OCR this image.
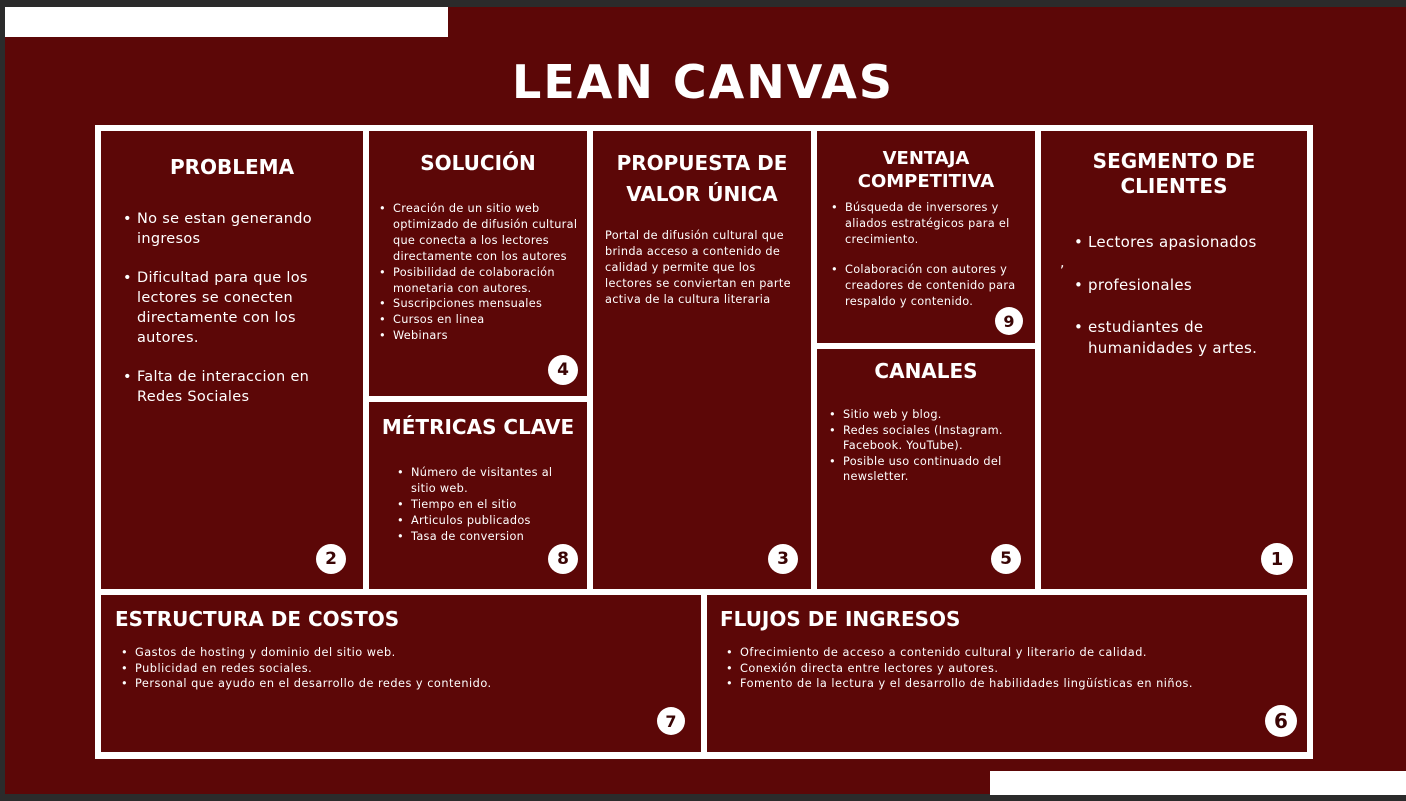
LEAN CANVAS
PROBLEMA
• No se estan generando ingresos
• Dificultad para que los lectores se conecten directamente con los autores.
• Falta de interaccion en Redes Sociales
2
SOLUCIÓN
• Creación de un sitio web optimizado de difusión cultural que conecta a los lectores directamente con los autores
• Posibilidad de colaboración monetaria con autores.
• Suscripciones mensuales
• Cursos en linea
• Webinars
4
MÉTRICAS CLAVE
• Número de visitantes al sitio web.
• Tiempo en el sitio
• Articulos publicados
• Tasa de conversion
8
PROPUESTA DE VALOR ÚNICA

Portal de difusión cultural que brinda acceso a contenido de calidad y permite que los lectores se conviertan en parte activa de la cultura literaria

3
VENTAJA COMPETITIVA
• Búsqueda de inversores y aliados estratégicos para el crecimiento.
• Colaboración con autores y creadores de contenido para respaldo y contenido.
9
CANALES
• Sitio web y blog.
• Redes sociales (Instagram. Facebook. YouTube).
• Posible uso continuado del newsletter.
5
SEGMENTO DE CLIENTES
,
• Lectores apasionados
• profesionales
• estudiantes de humanidades y artes.
1
ESTRUCTURA DE COSTOS
• Gastos de hosting y dominio del sitio web.
• Publicidad en redes sociales.
• Personal que ayudo en el desarrollo de redes y contenido.
7
FLUJOS DE INGRESOS
• Ofrecimiento de acceso a contenido cultural y literario de calidad.
• Conexión directa entre lectores y autores.
• Fomento de la lectura y el desarrollo de habilidades lingüísticas en niños.
6
